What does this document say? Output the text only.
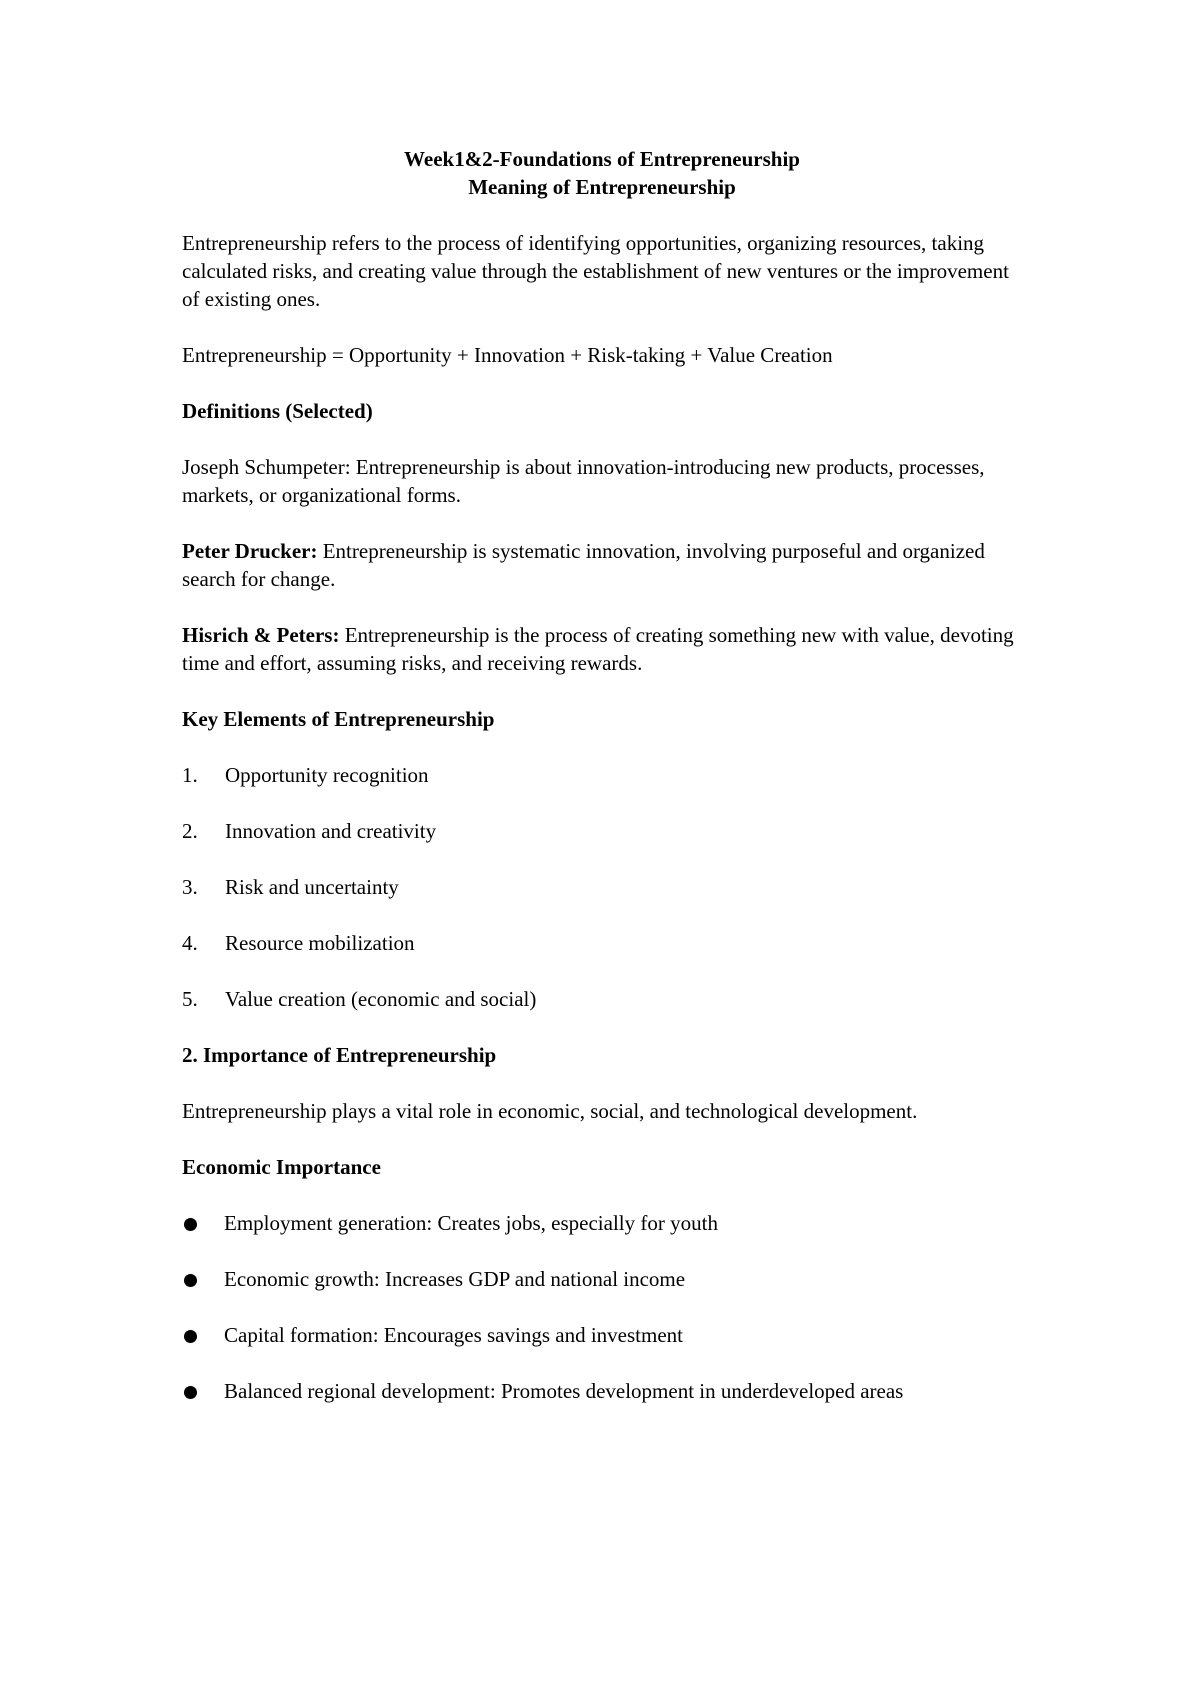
Week1&2-Foundations of Entrepreneurship
Meaning of Entrepreneurship

Entrepreneurship refers to the process of identifying opportunities, organizing resources, taking calculated risks, and creating value through the establishment of new ventures or the improvement of existing ones.

Entrepreneurship = Opportunity + Innovation + Risk-taking + Value Creation

Definitions (Selected)

Joseph Schumpeter: Entrepreneurship is about innovation-introducing new products, processes, markets, or organizational forms.

Peter Drucker: Entrepreneurship is systematic innovation, involving purposeful and organized search for change.

Hisrich & Peters: Entrepreneurship is the process of creating something new with value, devoting time and effort, assuming risks, and receiving rewards.

Key Elements of Entrepreneurship
1. Opportunity recognition
2. Innovation and creativity
3. Risk and uncertainty
4. Resource mobilization
5. Value creation (economic and social)
2. Importance of Entrepreneurship

Entrepreneurship plays a vital role in economic, social, and technological development.

Economic Importance
Employment generation: Creates jobs, especially for youth
Economic growth: Increases GDP and national income
Capital formation: Encourages savings and investment
Balanced regional development: Promotes development in underdeveloped areas
